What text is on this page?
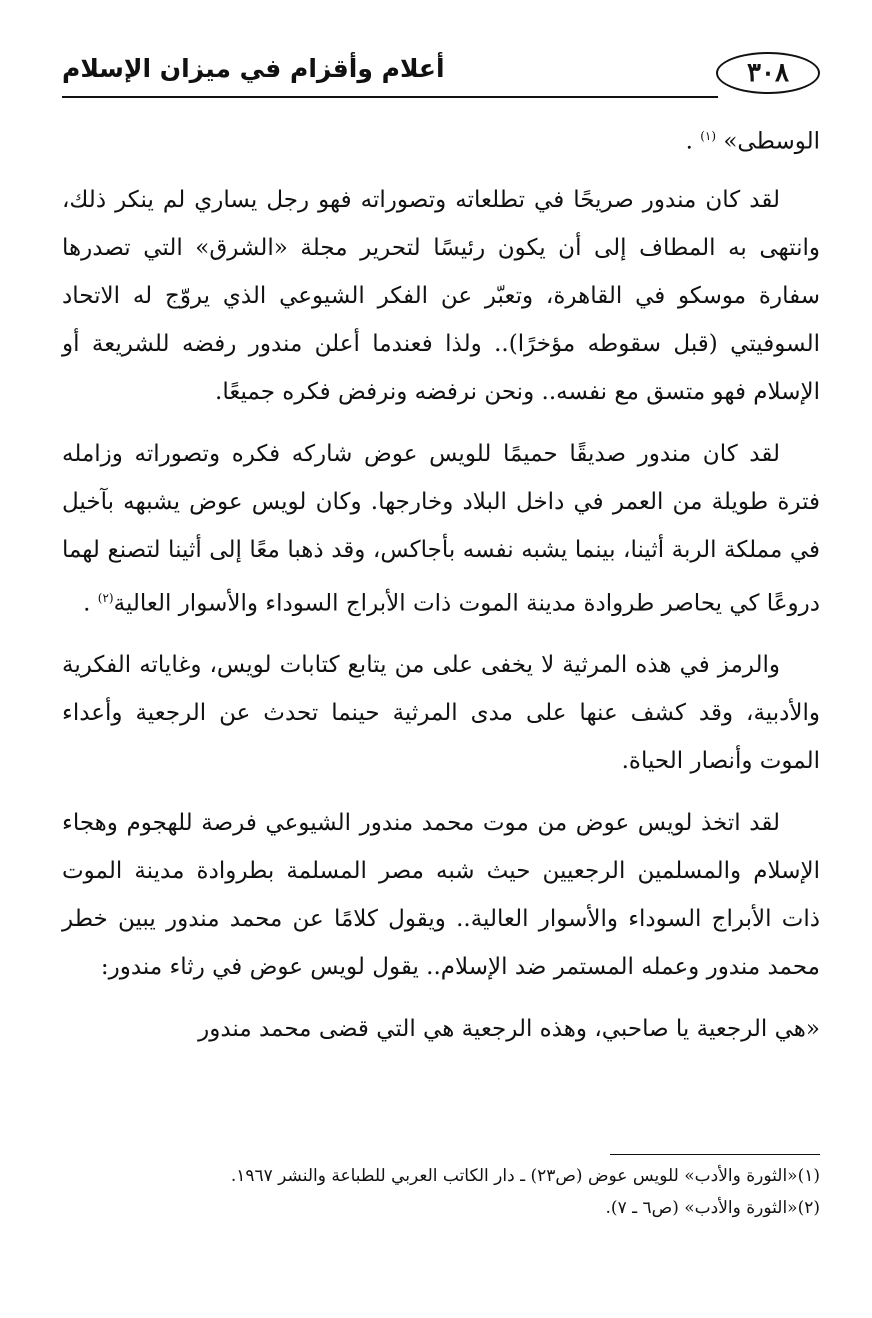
٣٠٨
أعلام وأقزام في ميزان الإسلام

الوسطى» $^{(١)}$ .

لقد كان مندور صريحًا في تطلعاته وتصوراته فهو رجل يساري لم ينكر ذلك، وانتهى به المطاف إلى أن يكون رئيسًا لتحرير مجلة «الشرق» التي تصدرها سفارة موسكو في القاهرة، وتعبّر عن الفكر الشيوعي الذي يروّج له الاتحاد السوفيتي (قبل سقوطه مؤخرًا).. ولذا فعندما أعلن مندور رفضه للشريعة أو الإسلام فهو متسق مع نفسه.. ونحن نرفضه ونرفض فكره جميعًا.

لقد كان مندور صديقًا حميمًا للويس عوض شاركه فكره وتصوراته وزامله فترة طويلة من العمر في داخل البلاد وخارجها. وكان لويس عوض يشبهه بآخيل في مملكة الربة أثينا، بينما يشبه نفسه بأجاكس، وقد ذهبا معًا إلى أثينا لتصنع لهما دروعًا كي يحاصر طروادة مدينة الموت ذات الأبراج السوداء والأسوار العالية$^{(٢)}$ .

والرمز في هذه المرثية لا يخفى على من يتابع كتابات لويس، وغاياته الفكرية والأدبية، وقد كشف عنها على مدى المرثية حينما تحدث عن الرجعية وأعداء الموت وأنصار الحياة.

لقد اتخذ لويس عوض من موت محمد مندور الشيوعي فرصة للهجوم وهجاء الإسلام والمسلمين الرجعيين حيث شبه مصر المسلمة بطروادة مدينة الموت ذات الأبراج السوداء والأسوار العالية.. ويقول كلامًا عن محمد مندور يبين خطر محمد مندور وعمله المستمر ضد الإسلام.. يقول لويس عوض في رثاء مندور:

«هي الرجعية يا صاحبي، وهذه الرجعية هي التي قضى محمد مندور

(١)«الثورة والأدب» للويس عوض (ص٢٣) ـ دار الكاتب العربي للطباعة والنشر ١٩٦٧.
(٢)«الثورة والأدب» (ص٦ ـ ٧).
